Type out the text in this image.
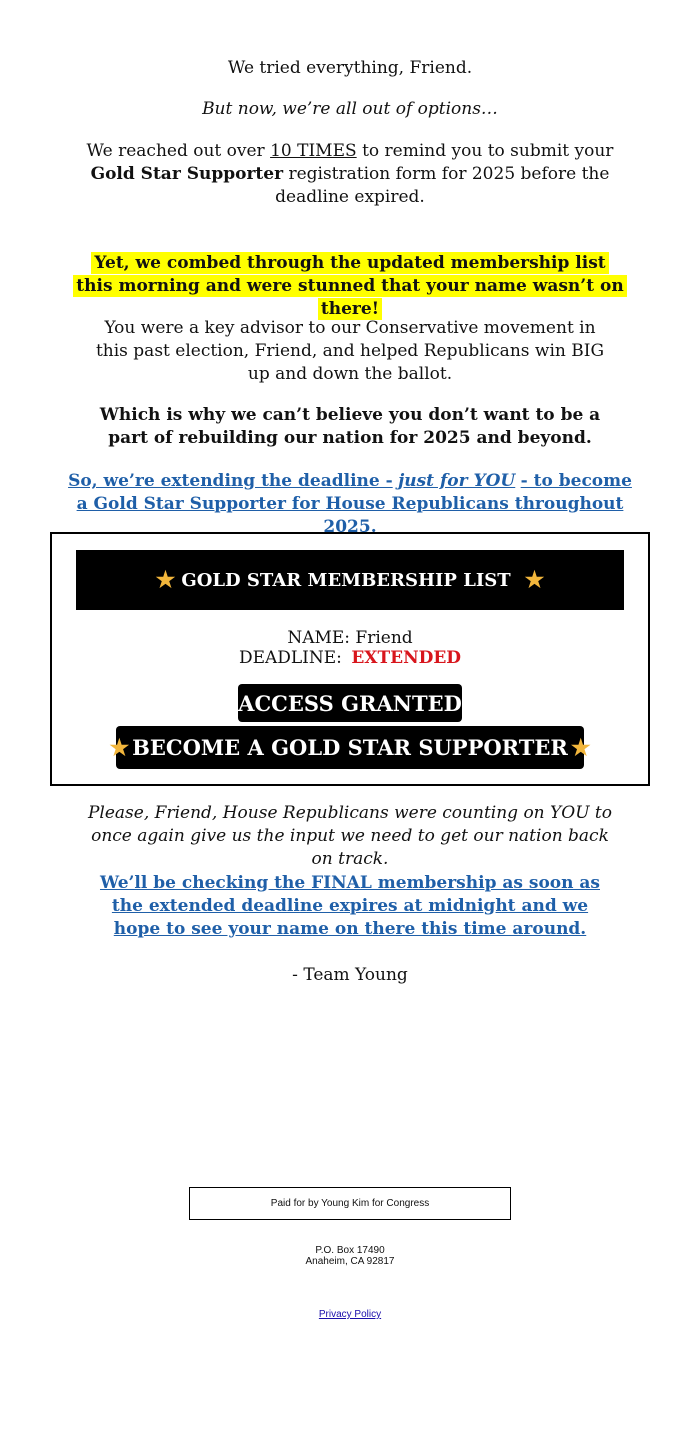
We tried everything, Friend.

But now, we’re all out of options…

We reached out over 10 TIMES to remind you to submit your Gold Star Supporter registration form for 2025 before the deadline expired.

Yet, we combed through the updated membership list this morning and were stunned that your name wasn’t on there!

You were a key advisor to our Conservative movement in this past election, Friend, and helped Republicans win BIG up and down the ballot.

Which is why we can’t believe you don’t want to be a part of rebuilding our nation for 2025 and beyond.

So, we’re extending the deadline - just for YOU - to become a Gold Star Supporter for House Republicans throughout 2025.

★ GOLD STAR MEMBERSHIP LIST ★
NAME: Friend
DEADLINE: EXTENDED
ACCESS GRANTED
★ BECOME A GOLD STAR SUPPORTER ★

Please, Friend, House Republicans were counting on YOU to once again give us the input we need to get our nation back on track.

We’ll be checking the FINAL membership as soon as the extended deadline expires at midnight and we hope to see your name on there this time around.

- Team Young

Paid for by Young Kim for Congress
P.O. Box 17490
Anaheim, CA 92817
Privacy Policy
